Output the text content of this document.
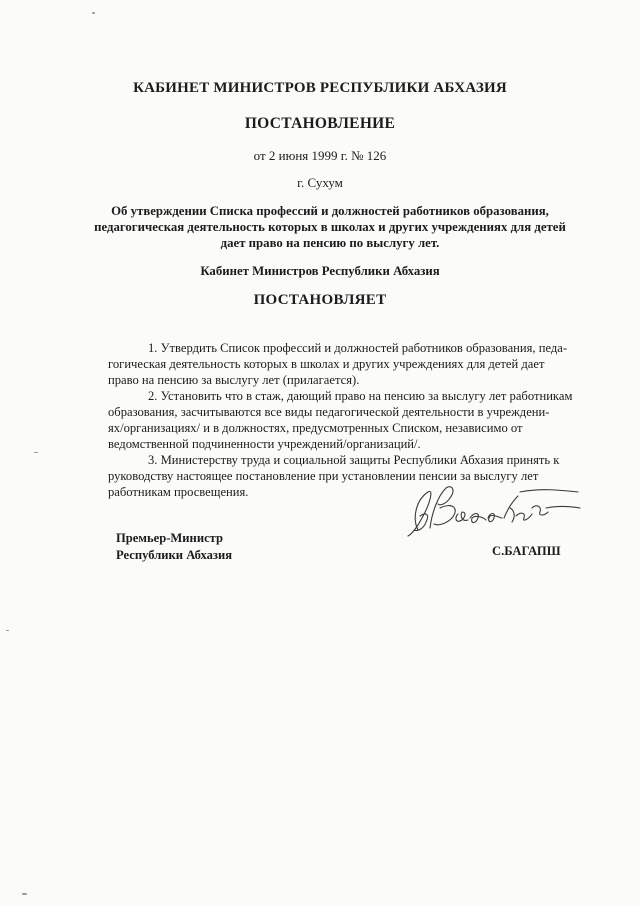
КАБИНЕТ МИНИСТРОВ РЕСПУБЛИКИ АБХАЗИЯ
ПОСТАНОВЛЕНИЕ
от 2 июня 1999 г. № 126
г. Сухум
Об утверждении Списка профессий и должностей работников образования,
педагогическая деятельность которых в школах и других учреждениях для детей
дает право на пенсию по выслугу лет.
Кабинет Министров Республики Абхазия
ПОСТАНОВЛЯЕТ

1. Утвердить Список профессий и должностей работников образования, педа-

гогическая деятельность которых в школах и других учреждениях для детей дает
право на пенсию за выслугу лет (прилагается).

2. Установить что в стаж, дающий право на пенсию за выслугу лет работникам

образования, засчитываются все виды педагогической деятельности в учреждени-
ях/организациях/ и в должностях, предусмотренных Списком, независимо от
ведомственной подчиненности учреждений/организаций/.

3. Министерству труда и социальной защиты Республики Абхазия принять к

руководству настоящее постановление при установлении пенсии за выслугу лет
работникам просвещения.
Премьер-Министр
Республики Абхазия	С.БАГАПШ
